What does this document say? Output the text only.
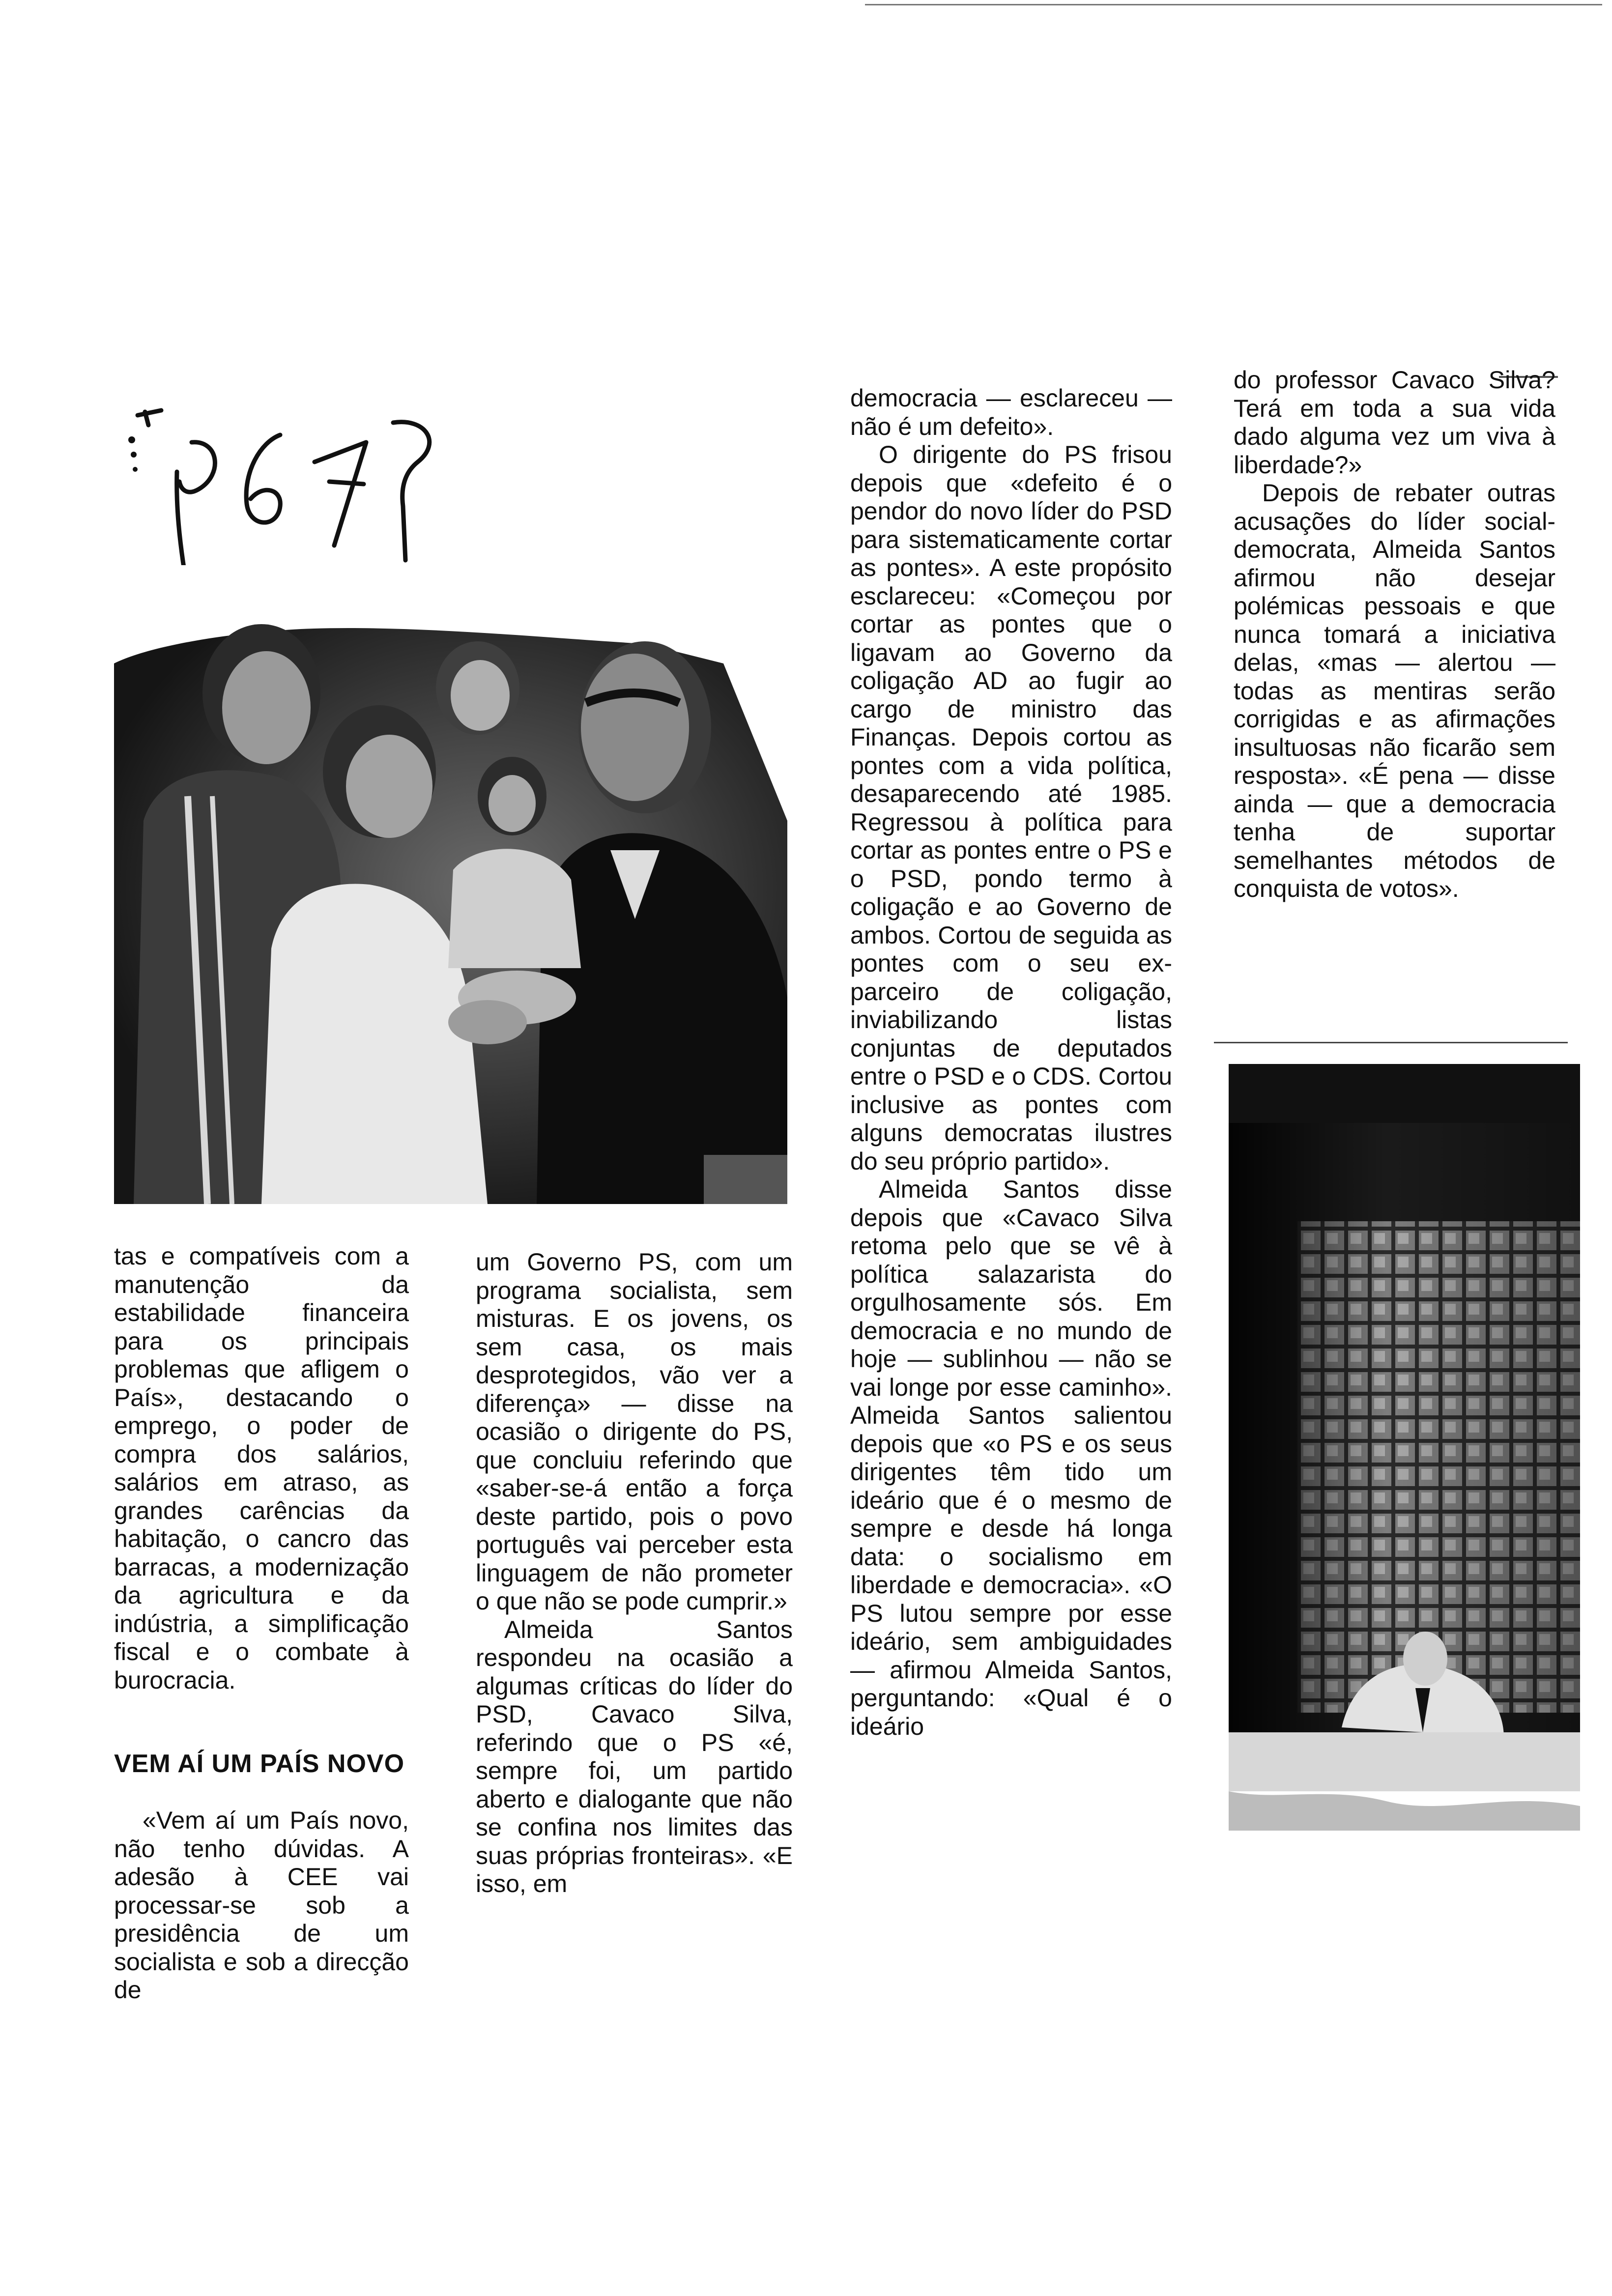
tas e compatíveis com a manutenção da estabilidade financeira para os principais problemas que afligem o País», destacando o emprego, o poder de compra dos salários, salários em atraso, as grandes carências da habitação, o cancro das barracas, a modernização da agricultura e da indústria, a simplificação fiscal e o combate à burocracia.

VEM AÍ UM PAÍS NOVO

«Vem aí um País novo, não tenho dúvidas. A adesão à CEE vai processar-se sob a presidência de um socialista e sob a direcção de

um Governo PS, com um programa socialista, sem misturas. E os jovens, os sem casa, os mais desprotegidos, vão ver a diferença» — disse na ocasião o dirigente do PS, que concluiu referindo que «saber-se-á então a força deste partido, pois o povo português vai perceber esta linguagem de não prometer o que não se pode cumprir.»

Almeida Santos respondeu na ocasião a algumas críticas do líder do PSD, Cavaco Silva, referindo que o PS «é, sempre foi, um partido aberto e dialogante que não se confina nos limites das suas próprias fronteiras». «E isso, em

democracia — esclareceu — não é um defeito».

O dirigente do PS frisou depois que «defeito é o pendor do novo líder do PSD para sistematicamente cortar as pontes». A este propósito esclareceu: «Começou por cortar as pontes que o ligavam ao Governo da coligação AD ao fugir ao cargo de ministro das Finanças. Depois cortou as pontes com a vida política, desaparecendo até 1985. Regressou à política para cortar as pontes entre o PS e o PSD, pondo termo à coligação e ao Governo de ambos. Cortou de seguida as pontes com o seu ex-parceiro de coligação, inviabilizando listas conjuntas de deputados entre o PSD e o CDS. Cortou inclusive as pontes com alguns democratas ilustres do seu próprio partido».

Almeida Santos disse depois que «Cavaco Silva retoma pelo que se vê à política salazarista do orgulhosamente sós. Em democracia e no mundo de hoje — sublinhou — não se vai longe por esse caminho». Almeida Santos salientou depois que «o PS e os seus dirigentes têm tido um ideário que é o mesmo de sempre e desde há longa data: o socialismo em liberdade e democracia». «O PS lutou sempre por esse ideário, sem ambiguidades — afirmou Almeida Santos, perguntando: «Qual é o ideário

do professor Cavaco Silva? Terá em toda a sua vida dado alguma vez um viva à liberdade?»

Depois de rebater outras acusações do líder social-democrata, Almeida Santos afirmou não desejar polémicas pessoais e que nunca tomará a iniciativa delas, «mas — alertou — todas as mentiras serão corrigidas e as afirmações insultuosas não ficarão sem resposta». «É pena — disse ainda — que a democracia tenha de suportar semelhantes métodos de conquista de votos».
